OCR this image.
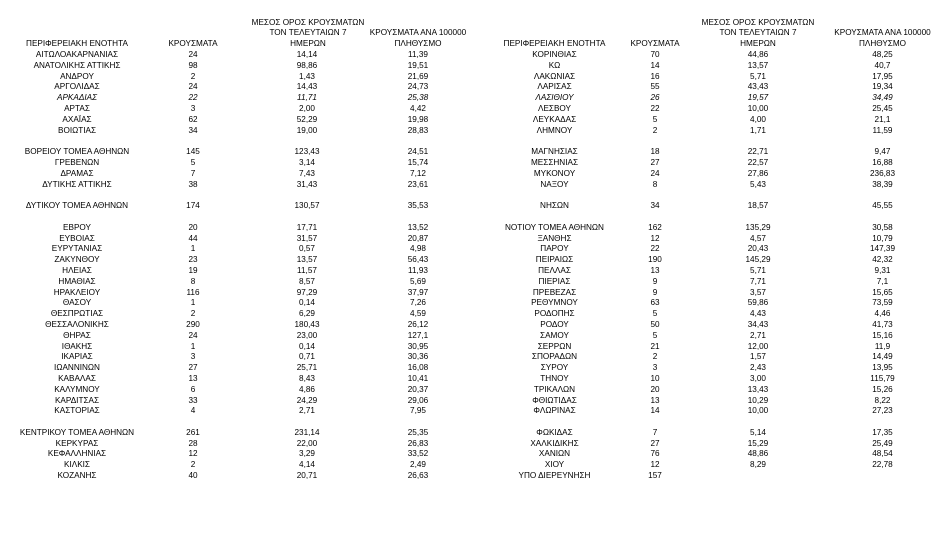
ΠΕΡΙΦΕΡΕΙΑΚΗ ΕΝΟΤΗΤΑ	ΚΡΟΥΣΜΑΤΑ
ΜΕΣΟΣ ΟΡΟΣ ΚΡΟΥΣΜΑΤΩΝ
ΤΟΝ ΤΕΛΕΥΤΑΙΩΝ 7
ΗΜΕΡΩΝ
ΚΡΟΥΣΜΑΤΑ ΑΝΑ 100000
ΠΛΗΘΥΣΜΟ
ΑΙΤΩΛΟΑΚΑΡΝΑΝΙΑΣ	24	14,14	11,39
ΑΝΑΤΟΛΙΚΗΣ ΑΤΤΙΚΗΣ	98	98,86	19,51
ΑΝΔΡΟΥ	2	1,43	21,69
ΑΡΓΟΛΙΔΑΣ	24	14,43	24,73
ΑΡΚΑΔΙΑΣ	22	11,71	25,38
ΑΡΤΑΣ	3	2,00	4,42
ΑΧΑΪΑΣ	62	52,29	19,98
ΒΟΙΩΤΙΑΣ	34	19,00	28,83
ΒΟΡΕΙΟΥ ΤΟΜΕΑ ΑΘΗΝΩΝ	145	123,43	24,51
ΓΡΕΒΕΝΩΝ	5	3,14	15,74
ΔΡΑΜΑΣ	7	7,43	7,12
ΔΥΤΙΚΗΣ ΑΤΤΙΚΗΣ	38	31,43	23,61
ΔΥΤΙΚΟΥ ΤΟΜΕΑ ΑΘΗΝΩΝ	174	130,57	35,53
ΕΒΡΟΥ	20	17,71	13,52
ΕΥΒΟΙΑΣ	44	31,57	20,87
ΕΥΡΥΤΑΝΙΑΣ	1	0,57	4,98
ΖΑΚΥΝΘΟΥ	23	13,57	56,43
ΗΛΕΙΑΣ	19	11,57	11,93
ΗΜΑΘΙΑΣ	8	8,57	5,69
ΗΡΑΚΛΕΙΟΥ	116	97,29	37,97
ΘΑΣΟΥ	1	0,14	7,26
ΘΕΣΠΡΩΤΙΑΣ	2	6,29	4,59
ΘΕΣΣΑΛΟΝΙΚΗΣ	290	180,43	26,12
ΘΗΡΑΣ	24	23,00	127,1
ΙΘΑΚΗΣ	1	0,14	30,95
ΙΚΑΡΙΑΣ	3	0,71	30,36
ΙΩΑΝΝΙΝΩΝ	27	25,71	16,08
ΚΑΒΑΛΑΣ	13	8,43	10,41
ΚΑΛΥΜΝΟΥ	6	4,86	20,37
ΚΑΡΔΙΤΣΑΣ	33	24,29	29,06
ΚΑΣΤΟΡΙΑΣ	4	2,71	7,95
ΚΕΝΤΡΙΚΟΥ ΤΟΜΕΑ ΑΘΗΝΩΝ	261	231,14	25,35
ΚΕΡΚΥΡΑΣ	28	22,00	26,83
ΚΕΦΑΛΛΗΝΙΑΣ	12	3,29	33,52
ΚΙΛΚΙΣ	2	4,14	2,49
ΚΟΖΑΝΗΣ	40	20,71	26,63
ΠΕΡΙΦΕΡΕΙΑΚΗ ΕΝΟΤΗΤΑ	ΚΡΟΥΣΜΑΤΑ
ΜΕΣΟΣ ΟΡΟΣ ΚΡΟΥΣΜΑΤΩΝ
ΤΟΝ ΤΕΛΕΥΤΑΙΩΝ 7
ΗΜΕΡΩΝ
ΚΡΟΥΣΜΑΤΑ ΑΝΑ 100000
ΠΛΗΘΥΣΜΟ
ΚΟΡΙΝΘΙΑΣ	70	44,86	48,25
ΚΩ	14	13,57	40,7
ΛΑΚΩΝΙΑΣ	16	5,71	17,95
ΛΑΡΙΣΑΣ	55	43,43	19,34
ΛΑΣΙΘΙΟΥ	26	19,57	34,49
ΛΕΣΒΟΥ	22	10,00	25,45
ΛΕΥΚΑΔΑΣ	5	4,00	21,1
ΛΗΜΝΟΥ	2	1,71	11,59
ΜΑΓΝΗΣΙΑΣ	18	22,71	9,47
ΜΕΣΣΗΝΙΑΣ	27	22,57	16,88
ΜΥΚΟΝΟΥ	24	27,86	236,83
ΝΑΞΟΥ	8	5,43	38,39
ΝΗΣΩΝ	34	18,57	45,55
ΝΟΤΙΟΥ ΤΟΜΕΑ ΑΘΗΝΩΝ	162	135,29	30,58
ΞΑΝΘΗΣ	12	4,57	10,79
ΠΑΡΟΥ	22	20,43	147,39
ΠΕΙΡΑΙΩΣ	190	145,29	42,32
ΠΕΛΛΑΣ	13	5,71	9,31
ΠΙΕΡΙΑΣ	9	7,71	7,1
ΠΡΕΒΕΖΑΣ	9	3,57	15,65
ΡΕΘΥΜΝΟΥ	63	59,86	73,59
ΡΟΔΟΠΗΣ	5	4,43	4,46
ΡΟΔΟΥ	50	34,43	41,73
ΣΑΜΟΥ	5	2,71	15,16
ΣΕΡΡΩΝ	21	12,00	11,9
ΣΠΟΡΑΔΩΝ	2	1,57	14,49
ΣΥΡΟΥ	3	2,43	13,95
ΤΗΝΟΥ	10	3,00	115,79
ΤΡΙΚΑΛΩΝ	20	13,43	15,26
ΦΘΙΩΤΙΔΑΣ	13	10,29	8,22
ΦΛΩΡΙΝΑΣ	14	10,00	27,23
ΦΩΚΙΔΑΣ	7	5,14	17,35
ΧΑΛΚΙΔΙΚΗΣ	27	15,29	25,49
ΧΑΝΙΩΝ	76	48,86	48,54
ΧΙΟΥ	12	8,29	22,78
ΥΠΟ ΔΙΕΡΕΥΝΗΣΗ	157
